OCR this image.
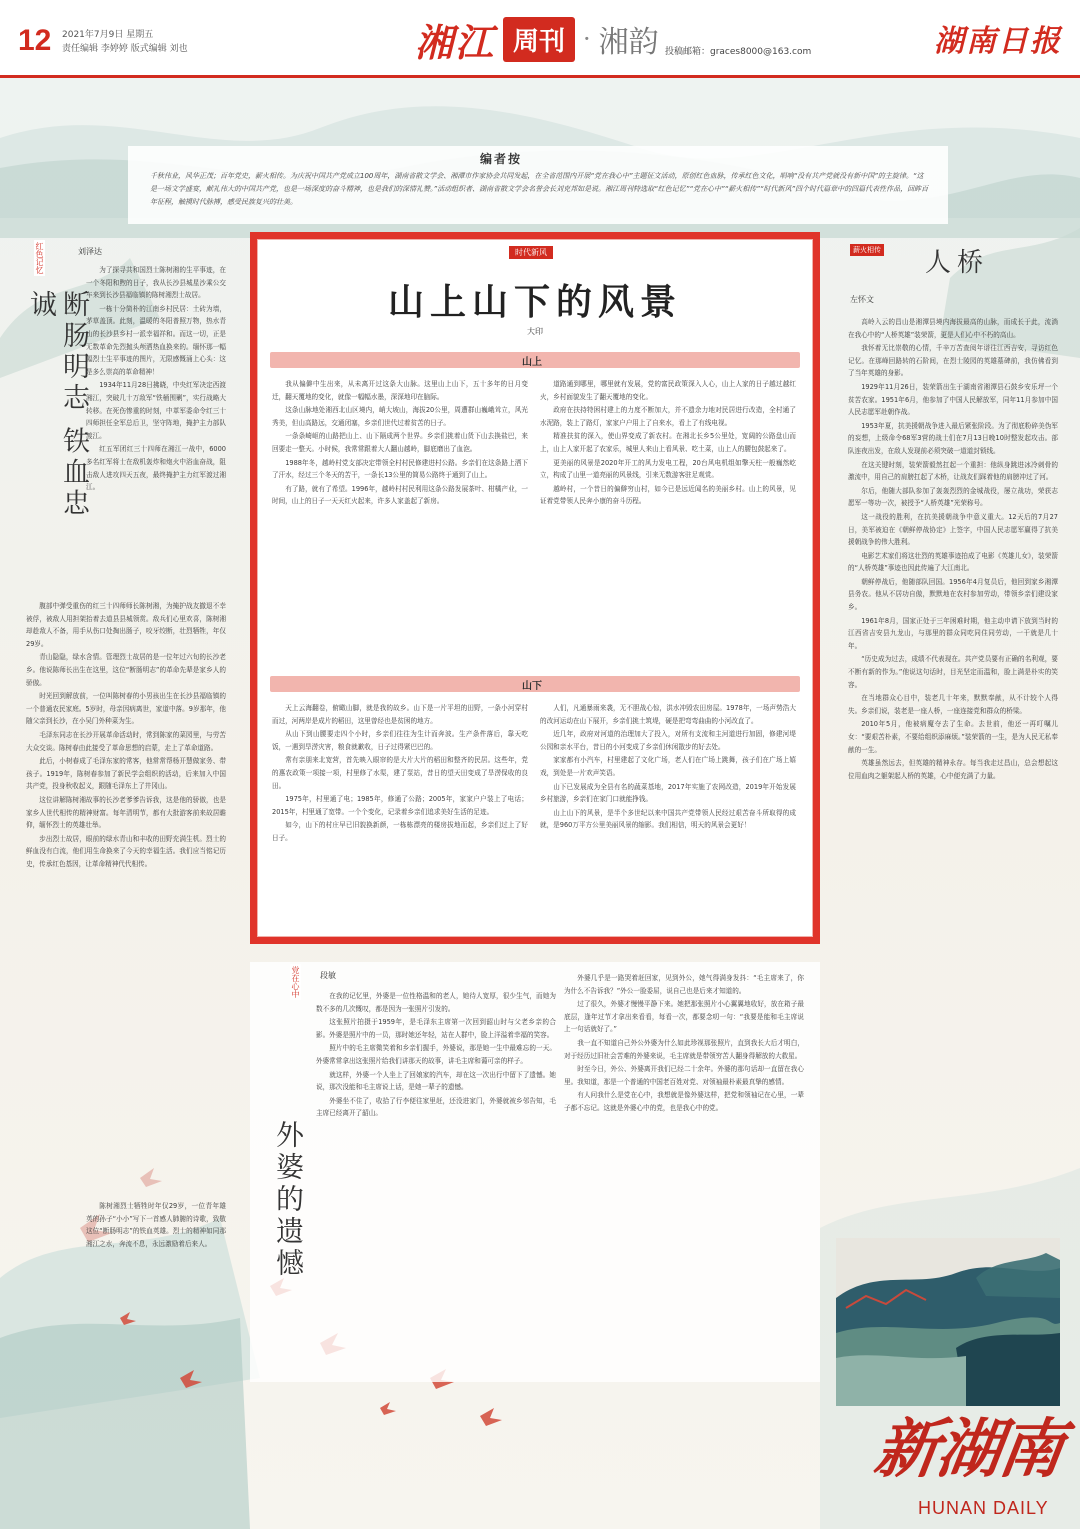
12 2021年7月9日 星期五
责任编辑 李婷婷 版式编辑 刘也	湘江 周刊 · 湘韵 投稿邮箱：graces8000@163.com	湖南日报
编者按
千秋伟业，风华正茂；百年党史，薪火相传。为庆祝中国共产党成立100周年，湖南省散文学会、湘潭市作家协会共同发起，在全省范围内开展“党在我心中”主题征文活动，原创红色血脉，传承红色文化，唱响“没有共产党就没有新中国”的主旋律。“这是一场文学盛宴，献礼伟大的中国共产党，也是一场深度的奋斗精神，也是我们的深情礼赞。”活动组织者、湖南省散文学会名誉会长刘克邦如是说。湘江周刊特选取“红色记忆”“党在心中”“薪火相传”“时代新风”四个时代篇章中的四篇代表性作品，回眸百年征程，触摸时代脉搏，感受民族复兴的壮美。
红色记忆	刘泽达
断肠明志 铁血忠诚

为了探寻共和国烈士陈树湘的生平事迹，在一个冬阳和煦的日子，我从长沙县城星沙乘公交车来到长沙县福临镇的陈树湘烈士故居。

一栋十分简朴的江南乡村民居：土砖为墙，茅草盖顶。此刻，温暖的冬阳普照万物，热水青山的长沙县乡村一派幸福祥和。而这一切，正是无数革命先烈抛头颅洒热血换来的。缅怀那一幅幅烈士生平事迹的图片，无限感慨涌上心头：这是多么崇高的革命精神！

1934年11月28日拂晓，中央红军决定西渡湘江，突破几十万敌军“铁桶围剿”，实行战略大转移。在死伤惨重的时刻，中革军委命令红三十四师担任全军总后卫，坚守阵地，掩护主力部队渡江。

红五军团红三十四师在湘江一战中，6000多名红军将士在敌机轰炸和炮火中浴血奋战，阻击敌人进攻四天五夜，最终掩护主力红军渡过湘江。

腹部中弹受重伤的红三十四师师长陈树湘，为掩护战友撤退不幸被俘，被敌人用担架抬着去道县县城领赏。敌兵们心里欢喜，陈树湘却趁敌人不备，用手从伤口处掏出肠子，咬牙绞断，壮烈牺牲，年仅29岁。

青山隐隐，绿水含情。管理烈士故居的是一位年过六旬的长沙老乡。他说陈师长出生在这里，这位“断肠明志”的革命先辈是家乡人的骄傲。

时光回到解放前，一位叫陈树春的小男孩出生在长沙县福临镇的一个普通农民家庭。5岁时，母亲因病离世，家道中落。9岁那年，他随父亲到长沙，在小吴门外种菜为生。

毛泽东同志在长沙开展革命活动时，常到陈家的菜园里，与劳苦大众交谈。陈树春由此接受了革命思想的启蒙，走上了革命道路。

此后，小树春成了毛泽东家的常客，他常常帮杨开慧做家务、带孩子。1919年，陈树春参加了新民学会组织的活动，后来加入中国共产党，投身秋收起义，跟随毛泽东上了井冈山。

这位讲解陈树湘故事的长沙老爹爹告诉我，这是他的骄傲，也是家乡人世代相传的精神财富。每年清明节，都有大批游客前来故居瞻仰，缅怀烈士的英雄壮举。

步出烈士故居，眼前的绿水青山和丰收的田野充满生机。烈士的鲜血没有白流，他们用生命换来了今天的幸福生活。我们应当铭记历史，传承红色基因，让革命精神代代相传。

陈树湘烈士牺牲时年仅29岁，一位青年雄英的孙子“小小”写下一首感人肺腑的诗歌，致敬这位“断肠明志”的铁血英雄。烈士的精神如同那湘江之水，奔流不息，永远激励着后来人。

时代新风
山上山下的风景
大印
山上

我从偏僻中生出来，从未离开过这条大山脉。这里山上山下，五十多年的日月变迁，翻天覆地的变化，就像一幅幅水墨，深深地印在脑际。

这条山脉地处湘西北山区境内，峭大坡山，海拔20公里，周遭群山巍峨耸立，风光秀美，但山高路远，交通闭塞，乡亲们世代过着贫苦的日子。

一条条崎岖的山路把山上、山下隔成两个世界。乡亲们挑着山货下山去换盐巴，来回要走一整天。小时候，我常常跟着大人翻山越岭，脚底磨出了血泡。

1988年冬，越岭村党支部决定带领全村村民修建进村公路。乡亲们在这条路上洒下了汗水，经过三个冬天的苦干，一条长13公里的简易公路终于通到了山上。

有了路，就有了希望。1996年，越岭村村民利用这条公路发展茶叶、柑橘产业，一时间，山上的日子一天天红火起来，许多人家盖起了新房。

道路通到哪里，哪里就有发展，党的富民政策深入人心，山上人家的日子越过越红火，乡村面貌发生了翻天覆地的变化。

政府在扶持特困村建上的力度不断加大，并不遗余力地对民居进行改造，全村通了水泥路，装上了路灯，家家户户用上了自来水，看上了有线电视。

精准扶贫的深入，使山界变成了新农村。在湘北长乡5公里处，宽阔的公路盘山而上，山上人家开起了农家乐，城里人来山上看风景、吃土菜，山上人的腰包鼓起来了。

更美丽的风景是2020年开工的风力发电工程，20台风电机组如擎天柱一般巍然屹立，构成了山里一道亮丽的风景线，引来无数游客驻足观赏。

越岭村，一个昔日的偏僻穷山村，如今已是远近闻名的美丽乡村。山上的风景，见证着党带领人民奔小康的奋斗历程。

山下

天上云海翻卷，俯瞰山脚，就是我的故乡。山下是一片平坦的田野，一条小河穿村而过，河两岸是成片的稻田，这里曾经也是贫困的地方。

从山下到山腰要走四个小时，乡亲们往往为生计而奔波。生产条件落后，靠天吃饭，一遇到旱涝灾害，粮食就歉收，日子过得紧巴巴的。

常有亲朋来北宽营，首先映入眼帘的是大片大片的稻田和整齐的民居。这些年，党的惠农政策一项接一项，村里修了水渠，建了泵站，昔日的望天田变成了旱涝保收的良田。

1975年，村里通了电；1985年，修通了公路；2005年，家家户户装上了电话；2015年，村里通了宽带。一个个变化，记录着乡亲们追求美好生活的足迹。

如今，山下的村庄早已旧貌换新颜，一栋栋漂亮的楼房拔地而起，乡亲们过上了好日子。

人们，凡通暴雨来袭，无不胆战心惊，洪水冲毁农田房屋。1978年，一场声势浩大的改河运动在山下展开，乡亲们挑土筑堤，硬是把弯弯曲曲的小河改直了。

近几年，政府对河道的治理加大了投入，对所有支流和主河道进行加固，修建河堤公园和亲水平台，昔日的小河变成了乡亲们休闲散步的好去处。

家家都有小汽车，村里建起了文化广场，老人们在广场上跳舞，孩子们在广场上嬉戏，到处是一片欢声笑语。

山下已发展成为全县有名的蔬菜基地，2017年实施了农网改造，2019年开始发展乡村旅游，乡亲们在家门口就能挣钱。

山上山下的风景，是半个多世纪以来中国共产党带领人民经过艰苦奋斗所取得的成就，是960万平方公里美丽风景的缩影。我们相信，明天的风景会更好！

党在心中	段敏
外婆的遗憾

在我的记忆里，外婆是一位性格温和的老人，她待人宽厚，很少生气，而她为数不多的几次慨叹，都是因为一张照片引发的。

这张照片拍摄于1959年，是毛泽东主席第一次回到韶山时与父老乡亲的合影。外婆是照片中的一员，那时她还年轻，站在人群中，脸上洋溢着幸福的笑容。

照片中的毛主席微笑着和乡亲们握手，外婆说，那是她一生中最难忘的一天。外婆常常拿出这张照片给我们讲那天的故事，讲毛主席和蔼可亲的样子。

就这样，外婆一个人坐上了回娘家的汽车，却在这一次出行中留下了遗憾。她说，那次没能和毛主席说上话，是她一辈子的遗憾。

外婆坐不住了，收拾了行李便往家里赶，还没进家门，外婆就被乡邻告知，毛主席已经离开了韶山。

外婆几乎是一路哭着赶回家，见到外公，她气得满身发抖：“毛主席来了，你为什么不告诉我？”外公一脸委屈，说自己也是后来才知道的。

过了很久，外婆才慢慢平静下来。她把那张照片小心翼翼地收好，放在箱子最底层，逢年过节才拿出来看看，每看一次，都要念叨一句：“我要是能和毛主席说上一句话就好了。”

我一直不知道自己外公外婆为什么如此珍视那张照片，直到我长大后才明白，对于经历过旧社会苦难的外婆来说，毛主席就是带领穷苦人翻身得解放的大救星。

时至今日，外公、外婆离开我们已经二十余年。外婆的那句话却一直留在我心里。我知道，那是一个普通的中国老百姓对党、对领袖最朴素最真挚的感情。

有人问我什么是党在心中，我想就是像外婆这样，把党和领袖记在心里，一辈子都不忘记。这就是外婆心中的党，也是我心中的党。

薪火相传 人桥
左怀文

高岭入云的昌山是湘潭县境内海拔最高的山脉，而成长于此，流淌在我心中的“人桥英雄”装荣箭，更是人们心中不朽的高山。

我怀着无比崇敬的心情，千辛万苦查阅年谱往江西吉安，寻访红色记忆。在那峰回路转的石阶间，在烈士陵园的英雄墓碑前，我仿佛看到了当年英雄的身影。

1929年11月26日，装荣箭出生于湖南省湘潭县石鼓乡安乐坪一个贫苦农家。1951年6月，他参加了中国人民解放军，同年11月参加中国人民志愿军赴朝作战。

1953年夏，抗美援朝战争进入最后紧张阶段。为了彻底粉碎美伪军的妄想，上级命令68军3营的战士们在7月13日晚10时整发起攻击。部队连夜出发，在敌人发现前必须突破一道道封锁线。

在这关键时刻，装荣箭毅然扛起一个重担：他纵身跳进冰冷刺骨的激流中，用自己的肩膀扛起了木桥，让战友们踩着他的肩膀冲过了河。

尔后，他随大部队参加了轰轰烈烈的金城战役，屡立战功，荣获志愿军一等功一次，被授予“人桥英雄”光荣称号。

这一战役的胜利，在抗美援朝战争中意义重大。12天后的7月27日，美军被迫在《朝鲜停战协定》上签字，中国人民志愿军赢得了抗美援朝战争的伟大胜利。

电影艺术家们将这壮烈的英雄事迹拍成了电影《英雄儿女》，装荣箭的“人桥英雄”事迹也因此传遍了大江南北。

朝鲜停战后，他随部队回国。1956年4月复员后，他回到家乡湘潭县务农。他从不居功自傲，默默地在农村参加劳动，带领乡亲们建设家乡。

1961年8月，国家正处于三年困难时期，他主动申请下放到当时的江西省吉安县九龙山，与那里的群众同吃同住同劳动，一干就是几十年。

“历史成为过去，成绩不代表现在。共产党员要有正确的名利观，要不断有新的作为。”他说这句话时，目光坚定而温和，脸上满是朴实的笑容。

在当地群众心目中，装老几十年来，默默奉献，从不计较个人得失。乡亲们说，装老是一座人桥，一座连接党和群众的桥梁。

2010年5月，他被病魔夺去了生命。去世前，他还一再叮嘱儿女：“要艰苦朴素，不要给组织添麻烦。”装荣箭的一生，是为人民无私奉献的一生。

英雄虽然远去，但英雄的精神永存。每当我走过昌山，总会想起这位用血肉之躯架起人桥的英雄，心中便充满了力量。

新湖南
HUNAN DAILY
